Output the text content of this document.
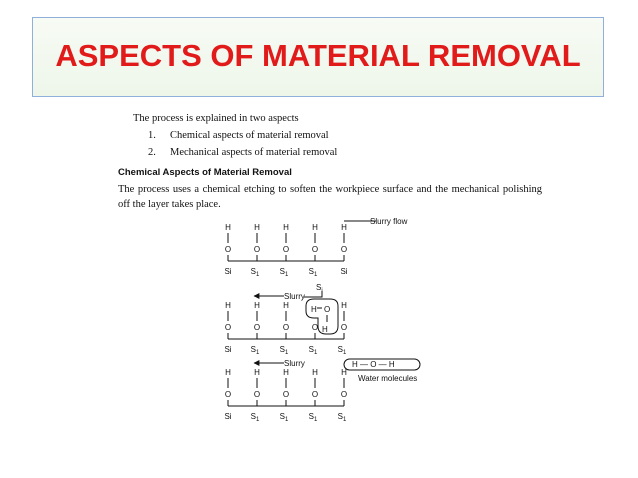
ASPECTS OF MATERIAL REMOVAL
The process is explained in two aspects
1. Chemical aspects of material removal
2. Mechanical aspects of material removal
Chemical Aspects of Material Removal
The process uses a chemical etching to soften the workpiece surface and the mechanical polishing off the layer takes place.
H
O
Si
H
O
$S_1$
H
O
$S_1$
H
O
$S_1$
H
O
Si
H
O
Si
H
O
$S_1$
H
O
$S_1$
O
$S_1$
H
O
$S_1$
H
O
Si
H
O
$S_1$
H
O
$S_1$
H
O
$S_1$
H
O
$S_1$
Slurry flow
Slurry
$S_i$
H O
H
Slurry	H — O — H
Water molecules
